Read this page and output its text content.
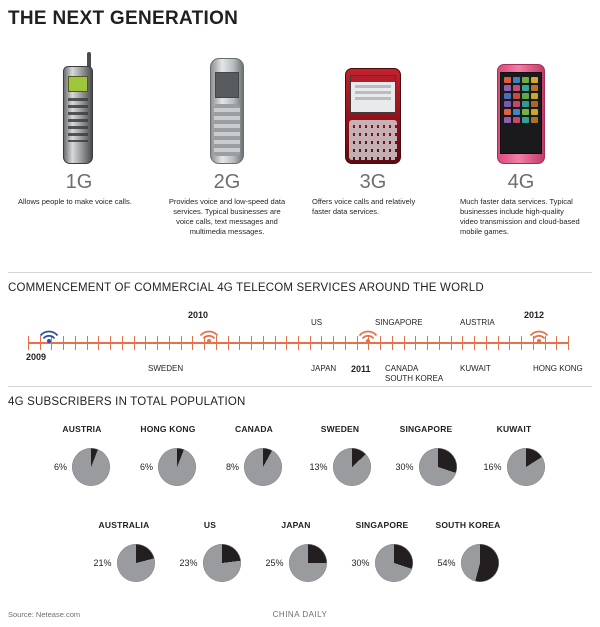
THE NEXT GENERATION
1G
Allows people to make voice calls.
2G
Provides voice and low-speed data services. Typical businesses are voice calls, text messages and multimedia messages.
3G
Offers voice calls and relatively faster data services.
4G
Much faster data services. Typical businesses include high-quality video transmission and cloud-based mobile games.
COMMENCEMENT OF COMMERCIAL 4G TELECOM SERVICES AROUND THE WORLD
2009
2010
SWEDEN
US
JAPAN 2011
SINGAPORE
CANADA
SOUTH KOREA
AUSTRIA
KUWAIT
2012
HONG KONG
4G SUBSCRIBERS IN TOTAL POPULATION
AUSTRIA
6%
HONG KONG
6%
CANADA
8%
SWEDEN
13%
SINGAPORE
30%
KUWAIT
16%
AUSTRALIA
21%
US
23%
JAPAN
25%
SINGAPORE
30%
SOUTH KOREA
54%
Source: Netease.com	CHINA DAILY
